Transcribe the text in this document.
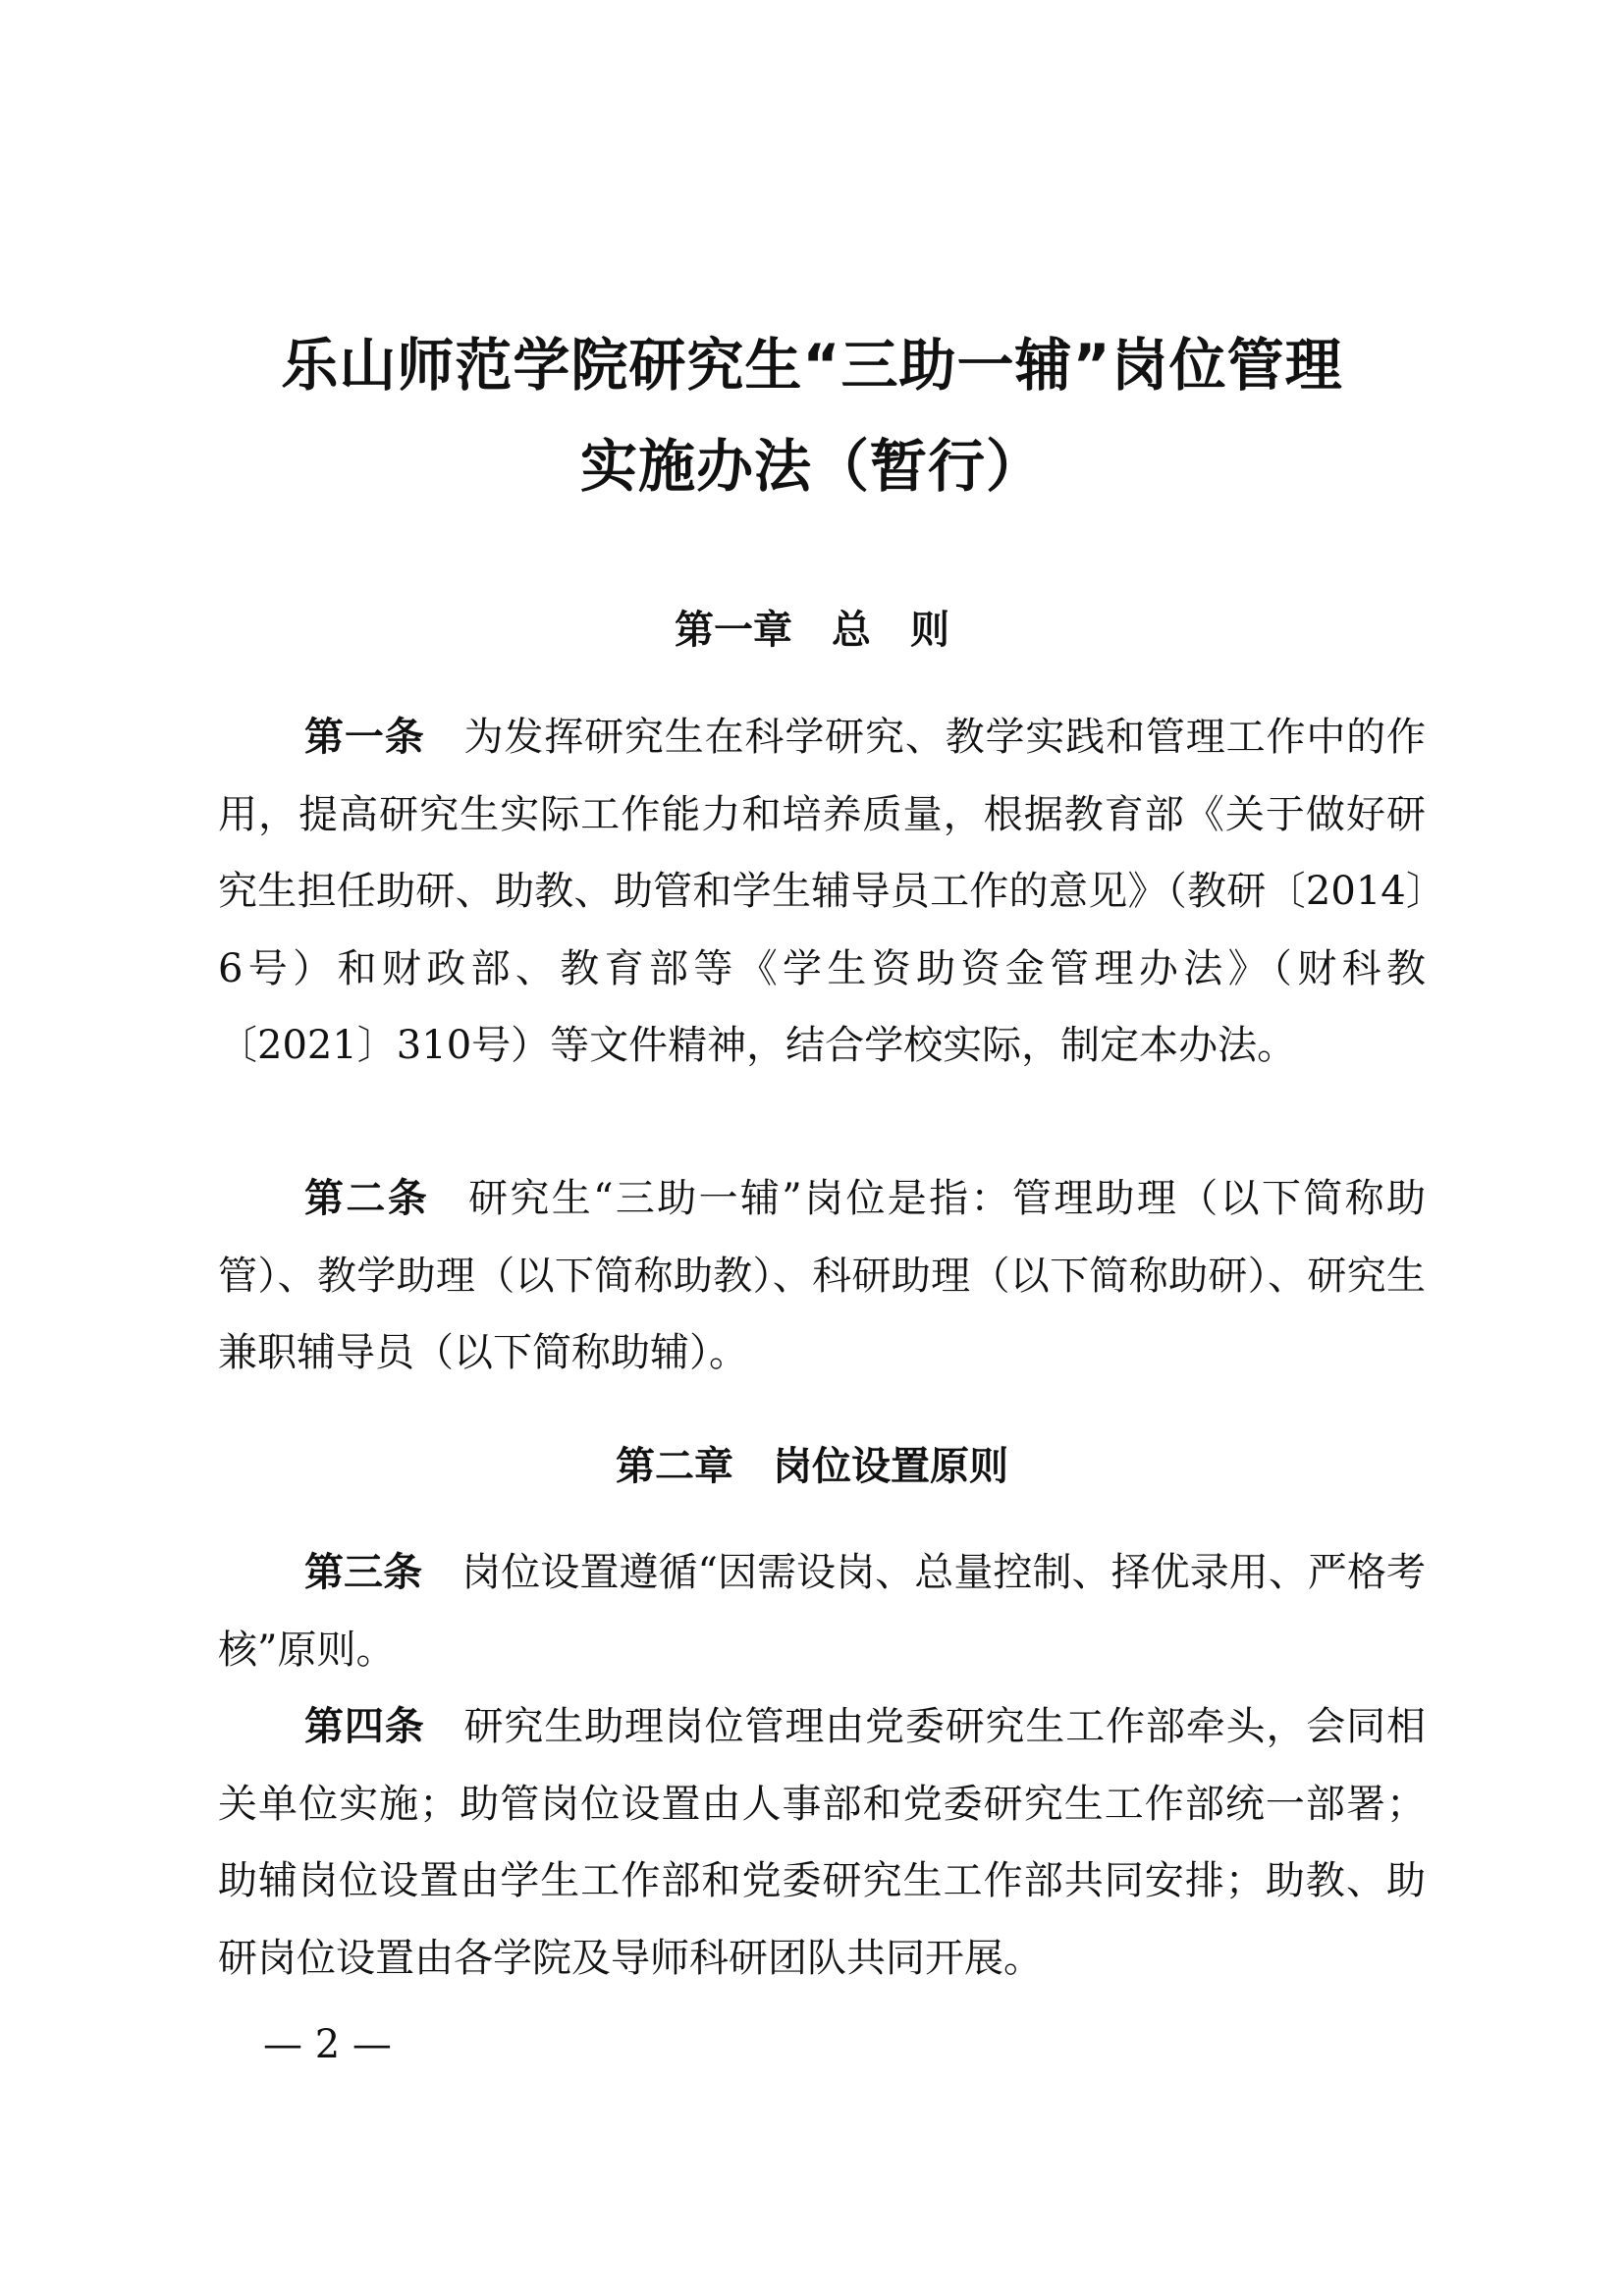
乐山师范学院研究生“三助一辅”岗位管理
实施办法（暂行）
第一章　总　则

第一条 为发挥研究生在科学研究、教学实践和管理工作中的作用，提高研究生实际工作能力和培养质量，根据教育部《关于做好研究生担任助研、助教、助管和学生辅导员工作的意见》（教研〔2014〕6号）和财政部、教育部等《学生资助资金管理办法》（财科教〔2021〕310号）等文件精神，结合学校实际，制定本办法。

第二条 研究生“三助一辅”岗位是指：管理助理（以下简称助管）、教学助理（以下简称助教）、科研助理（以下简称助研）、研究生兼职辅导员（以下简称助辅）。

第二章　岗位设置原则

第三条 岗位设置遵循“因需设岗、总量控制、择优录用、严格考核”原则。

第四条 研究生助理岗位管理由党委研究生工作部牵头，会同相关单位实施；助管岗位设置由人事部和党委研究生工作部统一部署；助辅岗位设置由学生工作部和党委研究生工作部共同安排；助教、助研岗位设置由各学院及导师科研团队共同开展。

— 2 —
